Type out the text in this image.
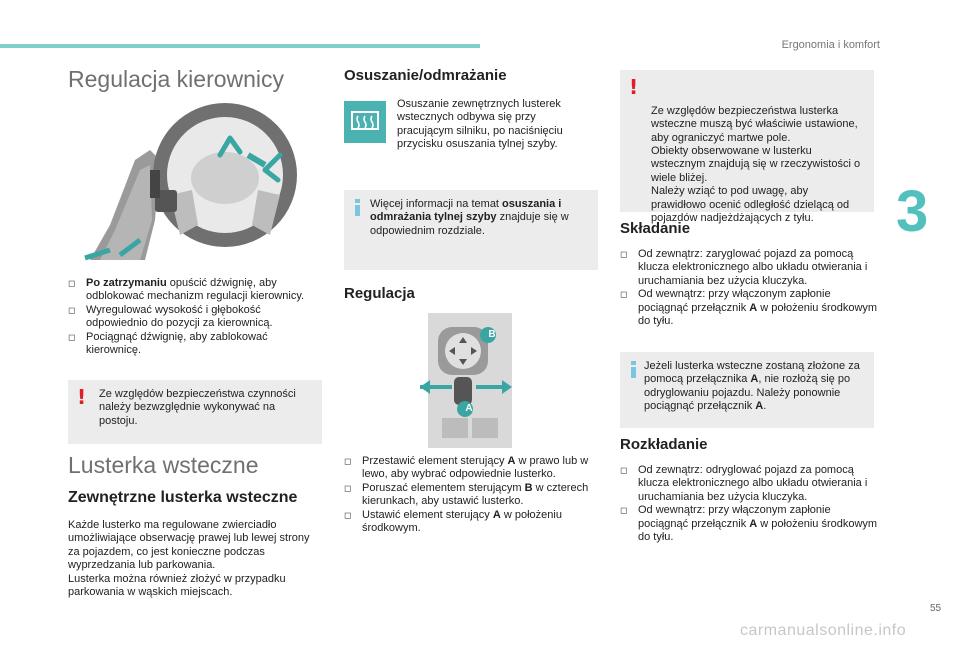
Ergonomia i komfort
3
55
carmanualsonline.info
Regulacja kierownicy
◻ Po zatrzymaniu opuścić dźwignię, aby odblokować mechanizm regulacji kierownicy.
◻ Wyregulować wysokość i głębokość odpowiednio do pozycji za kierownicą.
◻ Pociągnąć dźwignię, aby zablokować kierownicę.
! Ze względów bezpieczeństwa czynności należy bezwzględnie wykonywać na postoju.
Lusterka wsteczne
Zewnętrzne lusterka wsteczne
Każde lusterko ma regulowane zwierciadło umożliwiające obserwację prawej lub lewej strony za pojazdem, co jest konieczne podczas wyprzedzania lub parkowania.
Lusterka można również złożyć w przypadku parkowania w wąskich miejscach.
Osuszanie/odmrażanie
Osuszanie zewnętrznych lusterek wstecznych odbywa się przy pracującym silniku, po naciśnięciu przycisku osuszania tylnej szyby.
Więcej informacji na temat osuszania i odmrażania tylnej szyby znajduje się w odpowiednim rozdziale.
Regulacja
B
A
◻ Przestawić element sterujący A w prawo lub w lewo, aby wybrać odpowiednie lusterko.
◻ Poruszać elementem sterującym B w czterech kierunkach, aby ustawić lusterko.
◻ Ustawić element sterujący A w położeniu środkowym.

!

Ze względów bezpieczeństwa lusterka wsteczne muszą być właściwie ustawione, aby ograniczyć martwe pole.
Obiekty obserwowane w lusterku wstecznym znajdują się w rzeczywistości o wiele bliżej.
Należy wziąć to pod uwagę, aby prawidłowo ocenić odległość dzielącą od pojazdów nadjeżdżających z tyłu.

Składanie
◻ Od zewnątrz: zaryglować pojazd za pomocą klucza elektronicznego albo układu otwierania i uruchamiania bez użycia kluczyka.
◻ Od wewnątrz: przy włączonym zapłonie pociągnąć przełącznik A w położeniu środkowym do tyłu.
Jeżeli lusterka wsteczne zostaną złożone za pomocą przełącznika A, nie rozłożą się po odryglowaniu pojazdu. Należy ponownie pociągnąć przełącznik A.
Rozkładanie
◻ Od zewnątrz: odryglować pojazd za pomocą klucza elektronicznego albo układu otwierania i uruchamiania bez użycia kluczyka.
◻ Od wewnątrz: przy włączonym zapłonie pociągnąć przełącznik A w położeniu środkowym do tyłu.
